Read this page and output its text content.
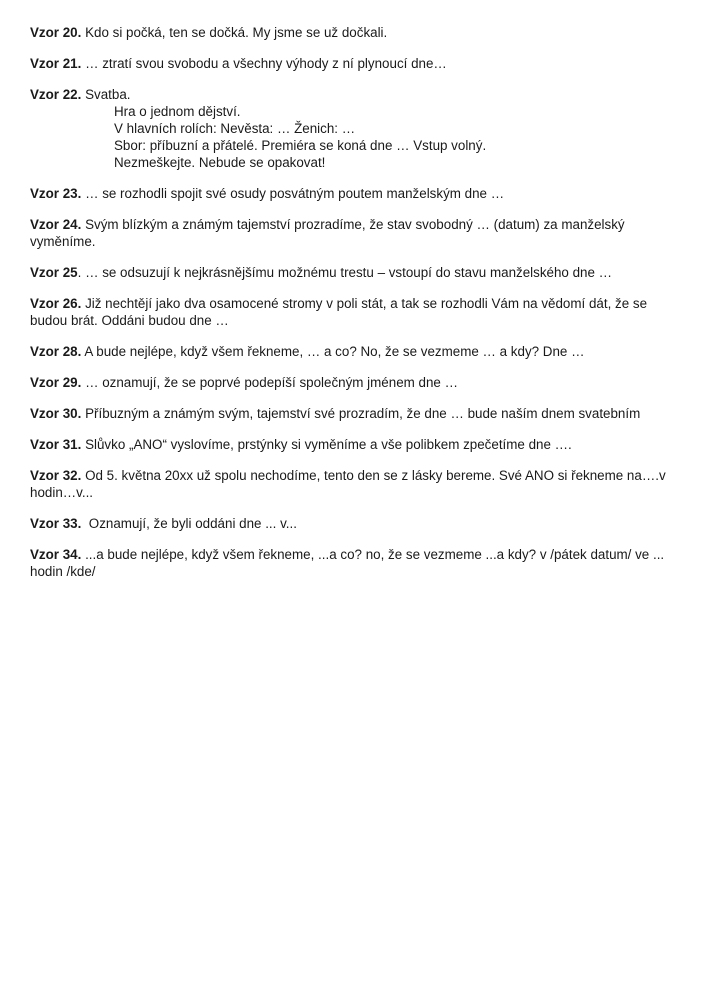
Vzor 20. Kdo si počká, ten se dočká. My jsme se už dočkali.
Vzor 21. … ztratí svou svobodu a všechny výhody z ní plynoucí dne…
Vzor 22. Svatba.
Hra o jednom dějství.
V hlavních rolích: Nevěsta: … Ženich: …
Sbor: příbuzní a přátelé. Premiéra se koná dne … Vstup volný.
Nezmeškejte. Nebude se opakovat!
Vzor 23. … se rozhodli spojit své osudy posvátným poutem manželským dne …
Vzor 24. Svým blízkým a známým tajemství prozradíme, že stav svobodný … (datum) za manželský vyměníme.
Vzor 25. … se odsuzují k nejkrásnějšímu možnému trestu – vstoupí do stavu manželského dne …
Vzor 26. Již nechtějí jako dva osamocené stromy v poli stát, a tak se rozhodli Vám na vědomí dát, že se budou brát. Oddáni budou dne …
Vzor 28. A bude nejlépe, když všem řekneme, … a co? No, že se vezmeme … a kdy? Dne …
Vzor 29. … oznamují, že se poprvé podepíší společným jménem dne …
Vzor 30. Příbuzným a známým svým, tajemství své prozradím, že dne … bude naším dnem svatebním
Vzor 31. Slůvko „ANO“ vyslovíme, prstýnky si vyměníme a vše polibkem zpečetíme dne ….
Vzor 32. Od 5. května 20xx už spolu nechodíme, tento den se z lásky bereme. Své ANO si řekneme na….v hodin…v...
Vzor 33.  Oznamují, že byli oddáni dne ... v...
Vzor 34. ...a bude nejlépe, když všem řekneme, ...a co? no, že se vezmeme ...a kdy? v /pátek datum/ ve ... hodin /kde/
